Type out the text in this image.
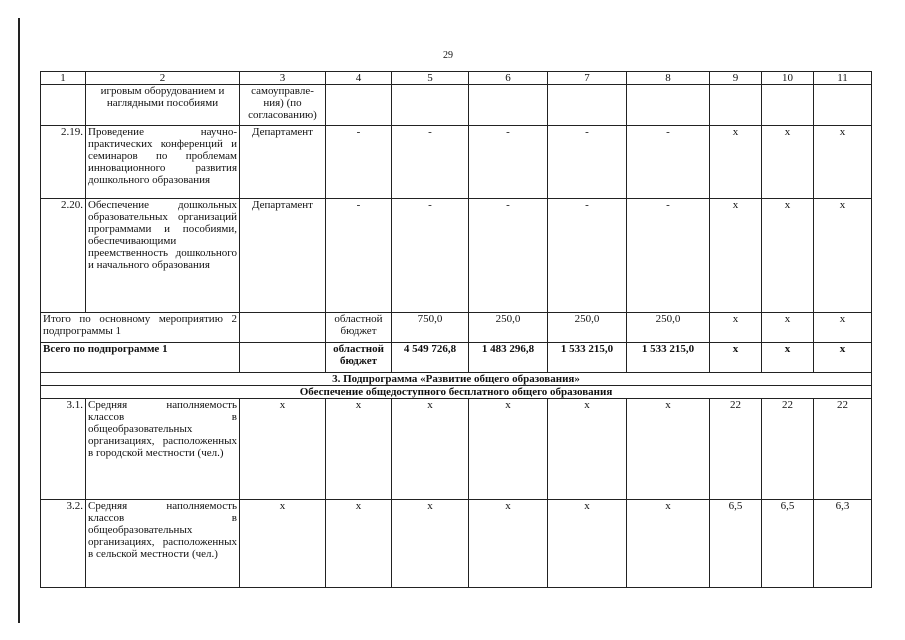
29
1	2	3	4	5	6	7	8	9	10	11
	игровым оборудованием и наглядными пособиями	самоуправле-ния) (по согласованию)								
2.19.	Проведение научно-практических конференций и семинаров по проблемам инновационного развития дошкольного образования	Департамент	-	-	-	-	-	х	х	х
2.20.	Обеспечение дошкольных образовательных организаций программами и пособиями, обеспечивающими преемственность дошкольного и начального образования	Департамент	-	-	-	-	-	х	х	х
Итого по основному мероприятию 2 подпрограммы 1			областной бюджет	750,0	250,0	250,0	250,0	х	х	х
Всего по подпрограмме 1			областной бюджет	4 549 726,8	1 483 296,8	1 533 215,0	1 533 215,0	х	х	х
3. Подпрограмма «Развитие общего образования»										
Обеспечение общедоступного бесплатного общего образования										
3.1.	Средняя наполняемость классов в общеобразовательных организациях, расположенных в городской местности (чел.)	х	х	х	х	х	х	22	22	22
3.2.	Средняя наполняемость классов в общеобразовательных организациях, расположенных в сельской местности (чел.)	х	х	х	х	х	х	6,5	6,5	6,3
